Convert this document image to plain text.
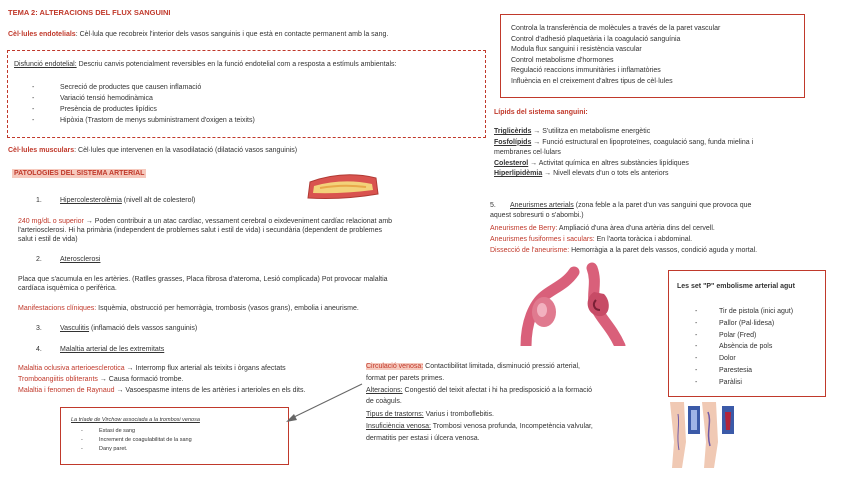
TEMA 2: ALTERACIONS DEL FLUX SANGUINI
Cèl·lules endotelials: Cèl·lula que recobreix l'interior dels vasos sanguinis i que està en contacte permanent amb la sang.
Disfunció endotelial: Descriu canvis potencialment reversibles en la funció endotelial com a resposta a estímuls ambientals:
-	Secreció de productes que causen inflamació
-	Variació tensió hemodinàmica
-	Presència de productes lipídics
-	Hipòxia (Trastorn de menys subministrament d'oxigen a teixits)
Cèl·lules musculars: Cèl·lules que intervenen en la vasodilatació (dilatació vasos sanguinis)
PATOLOGIES DEL SISTEMA ARTERIAL
1.	Hipercolesterolèmia (nivell alt de colesterol)
240 mg/dL o superior → Poden contribuir a un atac cardíac, vessament cerebral o eixdeveniment cardíac relacionat amb
l'arteriosclerosi. Hi ha primària (independent de problemes salut i estil de vida) i secundària (dependent de problemes
salut i estil de vida)
2.	Aterosclerosi
Placa que s'acumula en les artèries. (Ratlles grasses, Placa fibrosa d'ateroma, Lesió complicada) Pot provocar malaltia
cardíaca isquèmica o perifèrica.
Manifestacions clíniques: Isquèmia, obstrucció per hemorràgia, trombosis (vasos grans), embolia i aneurisme.
3.	Vasculitis (inflamació dels vassos sanguinis)
4.	Malaltia arterial de les extremitats
Malaltia oclusiva arterioesclerotica → Interromp flux arterial als teixits i òrgans afectats
Tromboangiitis obliterants → Causa formació trombe.
Malaltia i fenomen de Raynaud → Vasoespasme intens de les artèries i arterioles en els dits.
La tríade de Virchow associada a la trombosi venosa
-	Estasi de sang
-	Increment de coagulabilitat de la sang
-	Dany paret.
Controla la transferència de molècules a través de la paret vascular
Control d'adhesió plaquetària i la coagulació sanguínia
Modula flux sanguini i resistència vascular
Control metabolisme d'hormones
Regulació reaccions immunitàries i inflamatòries
Influència en el creixement d'altres tipus de cèl·lules
Lípids del sistema sanguini:
Triglicèrids → S'utilitza en metabolisme energètic
Fosfolípids → Funció estructural en lipoproteïnes, coagulació sang, funda mielina i
membranes cel·lulars
Colesterol → Activitat química en altres substàncies lipídiques
Hiperlipidèmia → Nivell elevats d'un o tots els anteriors
5. Aneurismes arterials (zona feble a la paret d'un vas sanguini que provoca que
aquest sobresurti o s'abombi.)
Aneurismes de Berry: Ampliació d'una àrea d'una artèria dins del cervell.
Aneurismes fusiformes i saculars: En l'aorta toràcica i abdominal.
Dissecció de l'aneurisme: Hemorràgia a la paret dels vassos, condició aguda y mortal.
Les set "P" embolisme arterial agut
-	Tir de pistola (inici agut)
-	Pallor (Pal·lidesa)
-	Polar (Fred)
-	Absència de pols
-	Dolor
-	Parestesia
-	Paràlisi
Circulació venosa: Contactibilitat limitada, disminució pressió arterial,
format per parets primes.
Alteracions: Congestió del teixit afectat i hi ha predisposició a la formació
de coàguls.
Tipus de trastorns: Varius i tromboflebitis.
Insuficiència venosa: Trombosi venosa profunda, Incompetència valvular,
dermatitis per estasi i úlcera venosa.
